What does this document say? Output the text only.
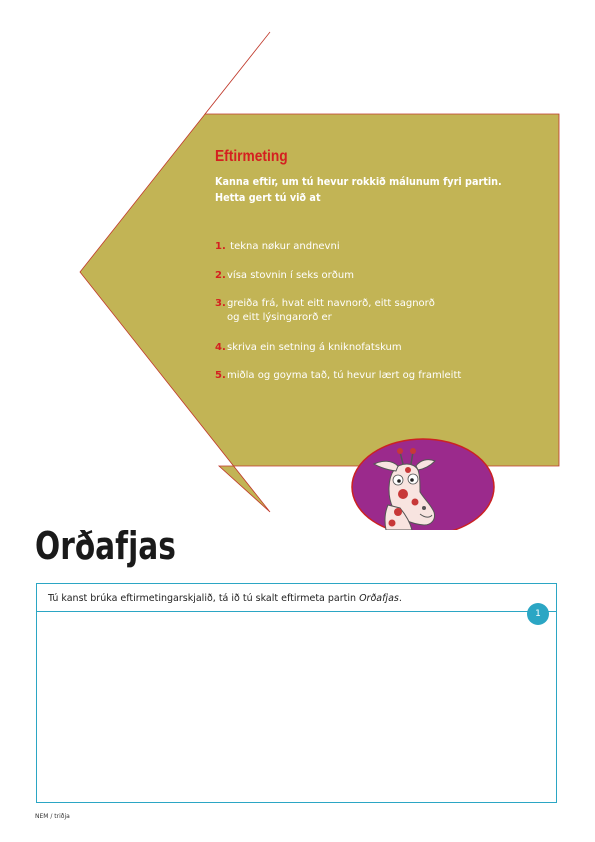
Eftirmeting
Kanna eftir, um tú hevur rokkið málunum fyri partin.
Hetta gert tú við at
1. tekna nøkur andnevni
2.vísa stovnin í seks orðum
3.greiða frá, hvat eitt navnorð, eitt sagnorð
og eitt lýsingarorð er
4.skriva ein setning á kniknofatskum
5.miðla og goyma tað, tú hevur lært og framleitt
Orðafjas
Tú kanst brúka eftirmetingarskjalið, tá ið tú skalt eftirmeta partin Orðafjas.
1
NEM / triðja
